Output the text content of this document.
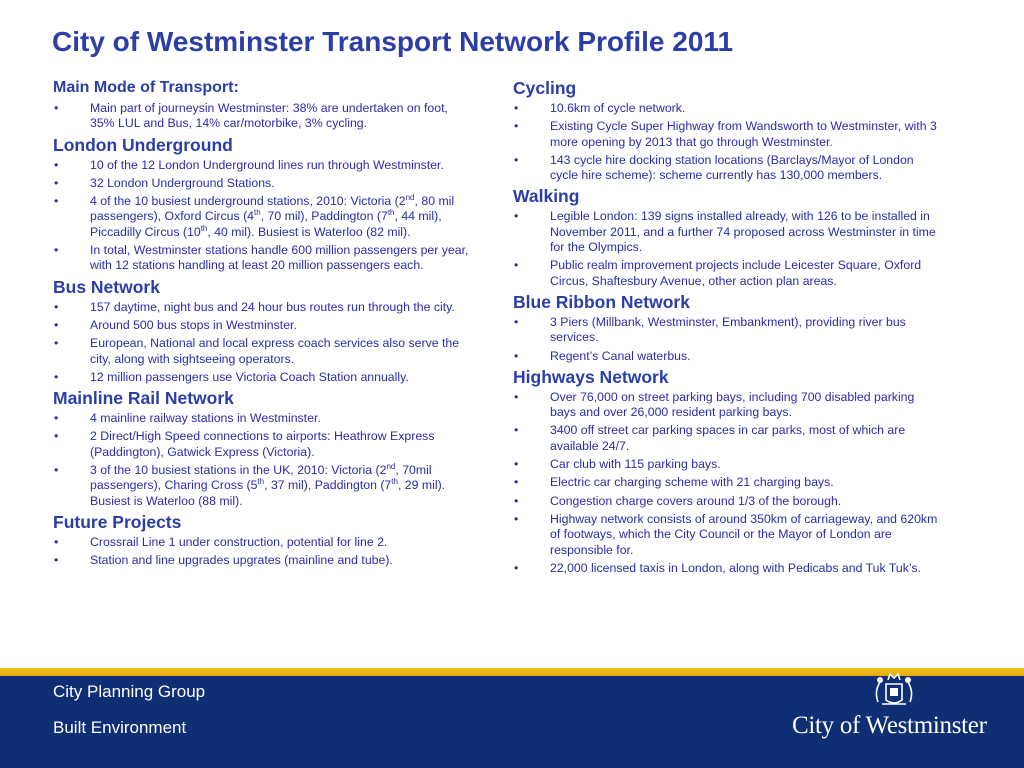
City of Westminster Transport Network Profile 2011
Main Mode of Transport:
• Main part of journeysin Westminster: 38% are undertaken on foot, 35% LUL and Bus, 14% car/motorbike, 3% cycling.
London Underground
• 10 of the 12 London Underground lines run through Westminster.
• 32 London Underground Stations.
• 4 of the 10 busiest underground stations, 2010: Victoria (2nd, 80 mil passengers), Oxford Circus (4th, 70 mil), Paddington (7th, 44 mil), Piccadilly Circus (10th, 40 mil). Busiest is Waterloo (82 mil).
• In total, Westminster stations handle 600 million passengers per year, with 12 stations handling at least 20 million passengers each.
Bus Network
• 157 daytime, night bus and 24 hour bus routes run through the city.
• Around 500 bus stops in Westminster.
• European, National and local express coach services also serve the city, along with sightseeing operators.
• 12 million passengers use Victoria Coach Station annually.
Mainline Rail Network
• 4 mainline railway stations in Westminster.
• 2 Direct/High Speed connections to airports: Heathrow Express (Paddington), Gatwick Express (Victoria).
• 3 of the 10 busiest stations in the UK, 2010: Victoria (2nd, 70mil passengers), Charing Cross (5th, 37 mil), Paddington (7th, 29 mil). Busiest is Waterloo (88 mil).
Future Projects
• Crossrail Line 1 under construction, potential for line 2.
• Station and line upgrades upgrates (mainline and tube).
Cycling
• 10.6km of cycle network.
• Existing Cycle Super Highway from Wandsworth to Westminster, with 3 more opening by 2013 that go through Westminster.
• 143 cycle hire docking station locations (Barclays/Mayor of London cycle hire scheme): scheme currently has 130,000 members.
Walking
• Legible London: 139 signs installed already, with 126 to be installed in November 2011, and a further 74 proposed across Westminster in time for the Olympics.
• Public realm improvement projects include Leicester Square, Oxford Circus, Shaftesbury Avenue, other action plan areas.
Blue Ribbon Network
• 3 Piers (Millbank, Westminster, Embankment), providing river bus services.
• Regent’s Canal waterbus.
Highways Network
• Over 76,000 on street parking bays, including 700 disabled parking bays and over 26,000 resident parking bays.
• 3400 off street car parking spaces in car parks, most of which are available 24/7.
• Car club with 115 parking bays.
• Electric car charging scheme with 21 charging bays.
• Congestion charge covers around 1/3 of the borough.
• Highway network consists of around 350km of carriageway, and 620km of footways, which the City Council or the Mayor of London are responsible for.
• 22,000 licensed taxis in London, along with Pedicabs and Tuk Tuk’s.
City Planning Group
Built Environment	City of Westminster
